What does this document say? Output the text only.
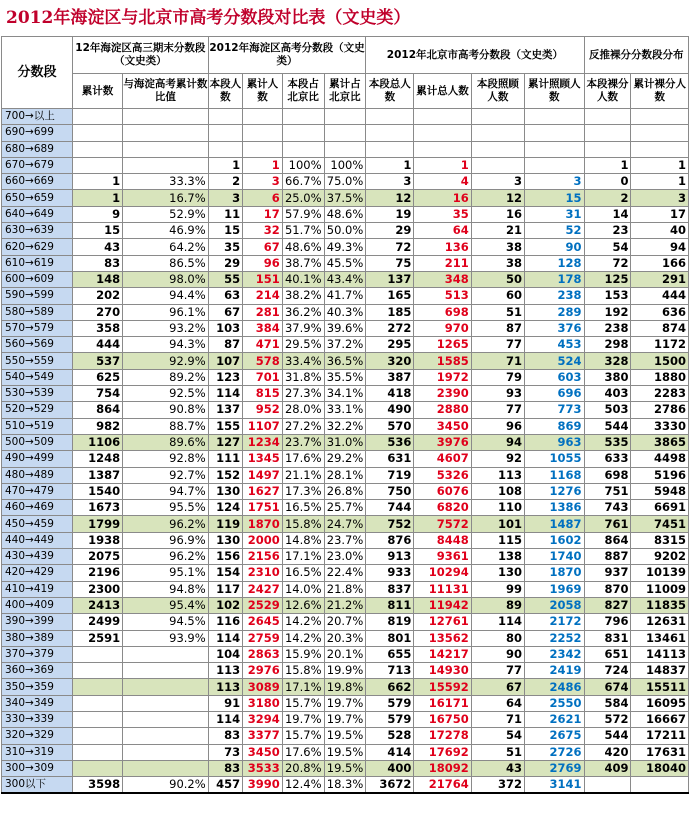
2012年海淀区与北京市高考分数段对比表（文史类）
分数段	12年海淀区高三期末分数段（文史类）		2012年海淀区高考分数段（文史类）				2012年北京市高考分数段（文史类）				反推裸分分数段分布	
	累计数	与海淀高考累计数比值	本段人数	累计人数	本段占北京比	累计占北京比	本段总人数	累计总人数	本段照顾人数	累计照顾人数	本段裸分人数	累计裸分人数
700→以上												
690→699												
680→689												
670→679			1	1	100%	100%	1	1			1	1
660→669	1	33.3%	2	3	66.7%	75.0%	3	4	3	3	0	1
650→659	1	16.7%	3	6	25.0%	37.5%	12	16	12	15	2	3
640→649	9	52.9%	11	17	57.9%	48.6%	19	35	16	31	14	17
630→639	15	46.9%	15	32	51.7%	50.0%	29	64	21	52	23	40
620→629	43	64.2%	35	67	48.6%	49.3%	72	136	38	90	54	94
610→619	83	86.5%	29	96	38.7%	45.5%	75	211	38	128	72	166
600→609	148	98.0%	55	151	40.1%	43.4%	137	348	50	178	125	291
590→599	202	94.4%	63	214	38.2%	41.7%	165	513	60	238	153	444
580→589	270	96.1%	67	281	36.2%	40.3%	185	698	51	289	192	636
570→579	358	93.2%	103	384	37.9%	39.6%	272	970	87	376	238	874
560→569	444	94.3%	87	471	29.5%	37.2%	295	1265	77	453	298	1172
550→559	537	92.9%	107	578	33.4%	36.5%	320	1585	71	524	328	1500
540→549	625	89.2%	123	701	31.8%	35.5%	387	1972	79	603	380	1880
530→539	754	92.5%	114	815	27.3%	34.1%	418	2390	93	696	403	2283
520→529	864	90.8%	137	952	28.0%	33.1%	490	2880	77	773	503	2786
510→519	982	88.7%	155	1107	27.2%	32.2%	570	3450	96	869	544	3330
500→509	1106	89.6%	127	1234	23.7%	31.0%	536	3976	94	963	535	3865
490→499	1248	92.8%	111	1345	17.6%	29.2%	631	4607	92	1055	633	4498
480→489	1387	92.7%	152	1497	21.1%	28.1%	719	5326	113	1168	698	5196
470→479	1540	94.7%	130	1627	17.3%	26.8%	750	6076	108	1276	751	5948
460→469	1673	95.5%	124	1751	16.5%	25.7%	744	6820	110	1386	743	6691
450→459	1799	96.2%	119	1870	15.8%	24.7%	752	7572	101	1487	761	7451
440→449	1938	96.9%	130	2000	14.8%	23.7%	876	8448	115	1602	864	8315
430→439	2075	96.2%	156	2156	17.1%	23.0%	913	9361	138	1740	887	9202
420→429	2196	95.1%	154	2310	16.5%	22.4%	933	10294	130	1870	937	10139
410→419	2300	94.8%	117	2427	14.0%	21.8%	837	11131	99	1969	870	11009
400→409	2413	95.4%	102	2529	12.6%	21.2%	811	11942	89	2058	827	11835
390→399	2499	94.5%	116	2645	14.2%	20.7%	819	12761	114	2172	796	12631
380→389	2591	93.9%	114	2759	14.2%	20.3%	801	13562	80	2252	831	13461
370→379			104	2863	15.9%	20.1%	655	14217	90	2342	651	14113
360→369			113	2976	15.8%	19.9%	713	14930	77	2419	724	14837
350→359			113	3089	17.1%	19.8%	662	15592	67	2486	674	15511
340→349			91	3180	15.7%	19.7%	579	16171	64	2550	584	16095
330→339			114	3294	19.7%	19.7%	579	16750	71	2621	572	16667
320→329			83	3377	15.7%	19.5%	528	17278	54	2675	544	17211
310→319			73	3450	17.6%	19.5%	414	17692	51	2726	420	17631
300→309			83	3533	20.8%	19.5%	400	18092	43	2769	409	18040
300以下	3598	90.2%	457	3990	12.4%	18.3%	3672	21764	372	3141		
